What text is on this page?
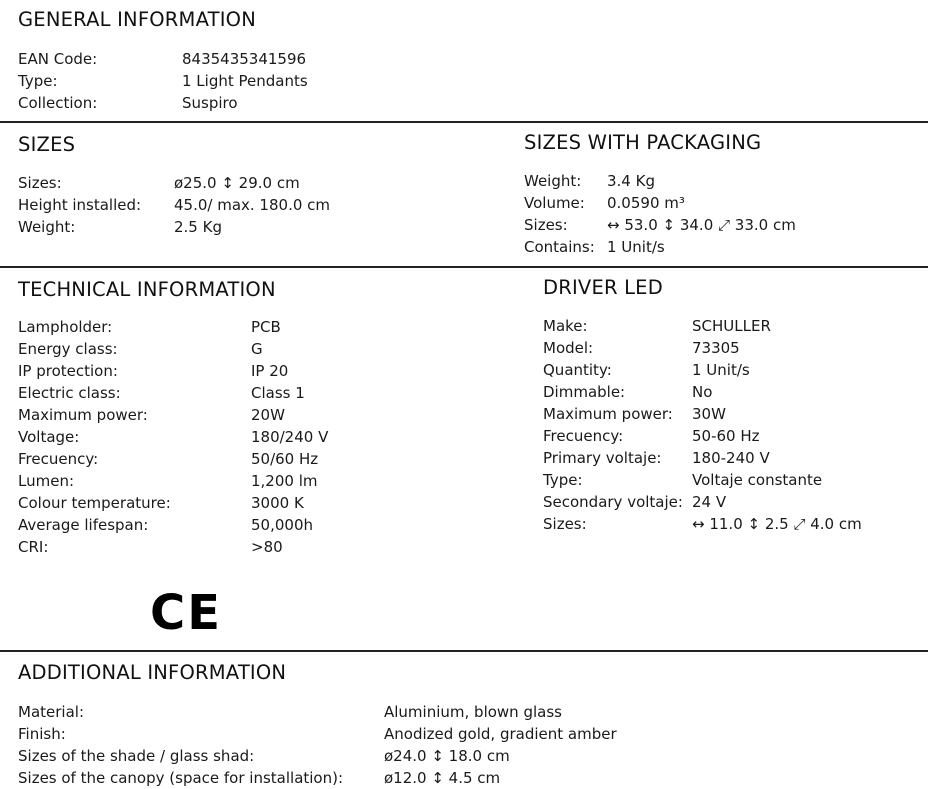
GENERAL INFORMATION
EAN Code:	8435435341596
Type:	1 Light Pendants
Collection:	Suspiro
SIZES
Sizes:	ø25.0 ↕ 29.0 cm
Height installed: 45.0/ max. 180.0 cm
Weight:	2.5 Kg
SIZES WITH PACKAGING
Weight: 3.4 Kg
Volume: 0.0590 m³
Sizes:	↔ 53.0 ↕ 34.0 ⤢ 33.0 cm
Contains: 1 Unit/s
TECHNICAL INFORMATION
Lampholder:	PCB
Energy class:	G
IP protection:	IP 20
Electric class:	Class 1
Maximum power:	20W
Voltage:	180/240 V
Frecuency:	50/60 Hz
Lumen:	1,200 lm
Colour temperature:	3000 K
Average lifespan:	50,000h
CRI:	>80
DRIVER LED
Make:	SCHULLER
Model:	73305
Quantity:	1 Unit/s
Dimmable:	No
Maximum power: 30W
Frecuency:	50-60 Hz
Primary voltaje: 180-240 V
Type:	Voltaje constante
Secondary voltaje: 24 V
Sizes:	↔ 11.0 ↕ 2.5 ⤢ 4.0 cm
CE
ADDITIONAL INFORMATION
Material:	Aluminium, blown glass
Finish:	Anodized gold, gradient amber
Sizes of the shade / glass shad:	ø24.0 ↕ 18.0 cm
Sizes of the canopy (space for installation):	ø12.0 ↕ 4.5 cm
